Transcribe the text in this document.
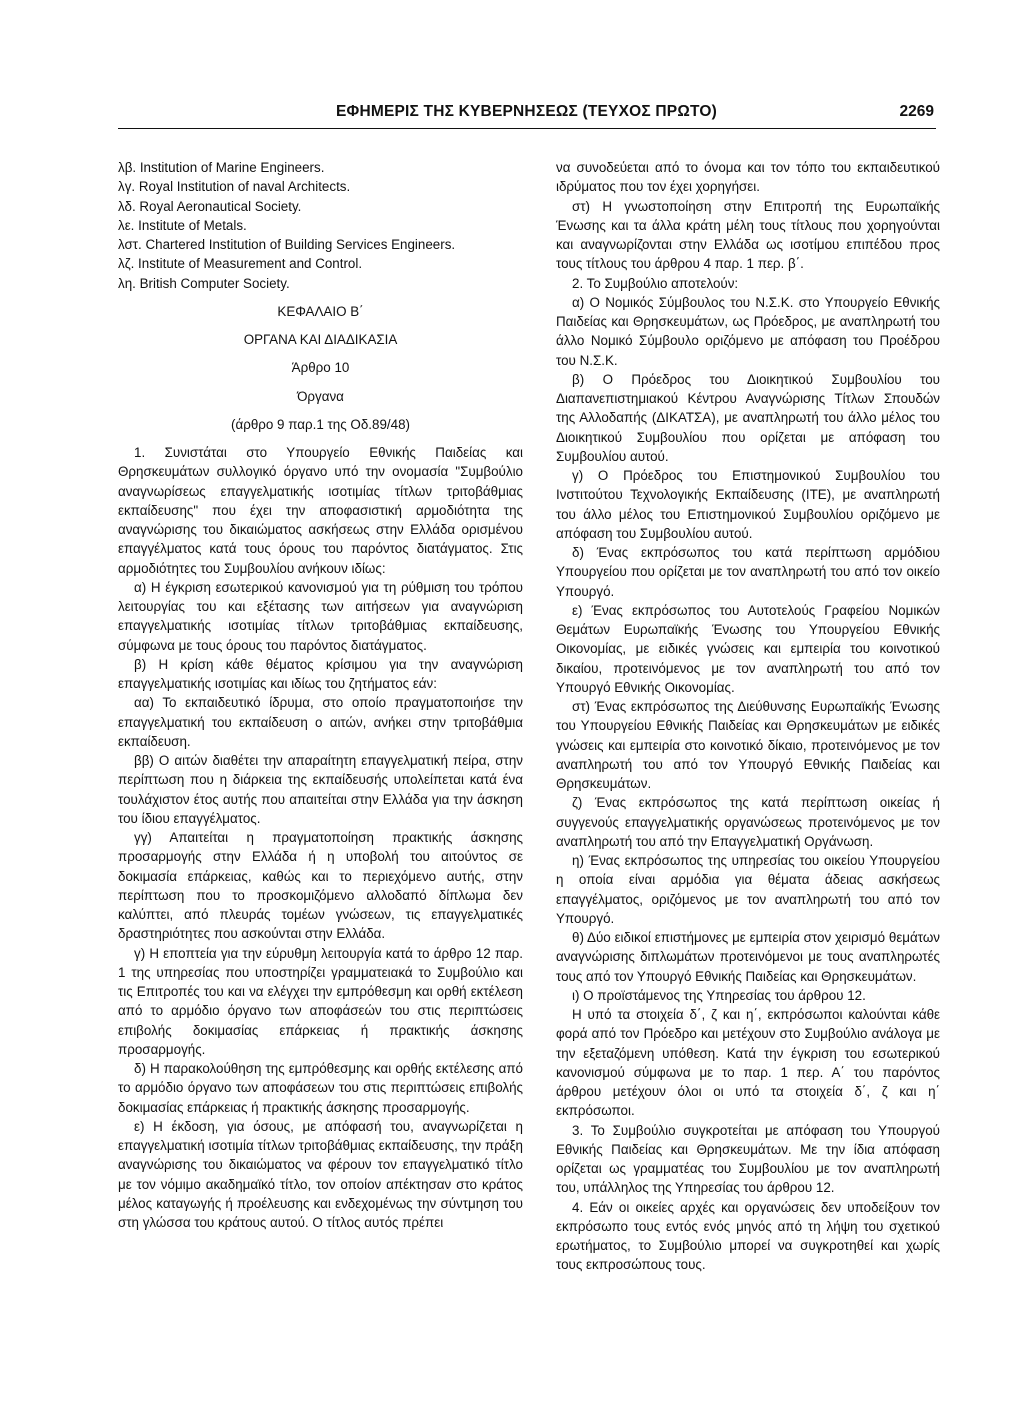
ΕΦΗΜΕΡΙΣ ΤΗΣ ΚΥΒΕΡΝΗΣΕΩΣ (ΤΕΥΧΟΣ ΠΡΩΤΟ)	2269

λβ. Institution of Marine Engineers.

λγ. Royal Institution of naval Architects.

λδ. Royal Aeronautical Society.

λε. Institute of Metals.

λστ. Chartered Institution of Building Services Engineers.

λζ. Institute of Measurement and Control.

λη. British Computer Society.

ΚΕΦΑΛΑΙΟ Β΄

ΟΡΓΑΝΑ ΚΑΙ ΔΙΑΔΙΚΑΣΙΑ

Άρθρο 10

Όργανα

(άρθρο 9 παρ.1 της Οδ.89/48)

1. Συνιστάται στο Υπουργείο Εθνικής Παιδείας και Θρησκευμάτων συλλογικό όργανο υπό την ονομασία "Συμβούλιο αναγνωρίσεως επαγγελματικής ισοτιμίας τίτλων τριτοβάθμιας εκπαίδευσης" που έχει την αποφασιστική αρμοδιότητα της αναγνώρισης του δικαιώματος ασκήσεως στην Ελλάδα ορισμένου επαγγέλματος κατά τους όρους του παρόντος διατάγματος. Στις αρμοδιότητες του Συμβουλίου ανήκουν ιδίως:

α) Η έγκριση εσωτερικού κανονισμού για τη ρύθμιση του τρόπου λειτουργίας του και εξέτασης των αιτήσεων για αναγνώριση επαγγελματικής ισοτιμίας τίτλων τριτοβάθμιας εκπαίδευσης, σύμφωνα με τους όρους του παρόντος διατάγματος.

β) Η κρίση κάθε θέματος κρίσιμου για την αναγνώριση επαγγελματικής ισοτιμίας και ιδίως του ζητήματος εάν:

αα) Το εκπαιδευτικό ίδρυμα, στο οποίο πραγματοποιήσε την επαγγελματική του εκπαίδευση ο αιτών, ανήκει στην τριτοβάθμια εκπαίδευση.

ββ) Ο αιτών διαθέτει την απαραίτητη επαγγελματική πείρα, στην περίπτωση που η διάρκεια της εκπαίδευσής υπολείπεται κατά ένα τουλάχιστον έτος αυτής που απαιτείται στην Ελλάδα για την άσκηση του ίδιου επαγγέλματος.

γγ) Απαιτείται η πραγματοποίηση πρακτικής άσκησης προσαρμογής στην Ελλάδα ή η υποβολή του αιτούντος σε δοκιμασία επάρκειας, καθώς και το περιεχόμενο αυτής, στην περίπτωση που το προσκομιζόμενο αλλοδαπό δίπλωμα δεν καλύπτει, από πλευράς τομέων γνώσεων, τις επαγγελματικές δραστηριότητες που ασκούνται στην Ελλάδα.

γ) Η εποπτεία για την εύρυθμη λειτουργία κατά το άρθρο 12 παρ. 1 της υπηρεσίας που υποστηρίζει γραμματειακά το Συμβούλιο και τις Επιτροπές του και να ελέγχει την εμπρόθεσμη και ορθή εκτέλεση από το αρμόδιο όργανο των αποφάσεών του στις περιπτώσεις επιβολής δοκιμασίας επάρκειας ή πρακτικής άσκησης προσαρμογής.

δ) Η παρακολούθηση της εμπρόθεσμης και ορθής εκτέλεσης από το αρμόδιο όργανο των αποφάσεων του στις περιπτώσεις επιβολής δοκιμασίας επάρκειας ή πρακτικής άσκησης προσαρμογής.

ε) Η έκδοση, για όσους, με απόφασή του, αναγνωρίζεται η επαγγελματική ισοτιμία τίτλων τριτοβάθμιας εκπαίδευσης, την πράξη αναγνώρισης του δικαιώματος να φέρουν τον επαγγελματικό τίτλο με τον νόμιμο ακαδημαϊκό τίτλο, τον οποίον απέκτησαν στο κράτος μέλος καταγωγής ή προέλευσης και ενδεχομένως την σύντμηση του στη γλώσσα του κράτους αυτού. Ο τίτλος αυτός πρέπει

να συνοδεύεται από το όνομα και τον τόπο του εκπαιδευτικού ιδρύματος που τον έχει χορηγήσει.

στ) Η γνωστοποίηση στην Επιτροπή της Ευρωπαϊκής Ένωσης και τα άλλα κράτη μέλη τους τίτλους που χορηγούνται και αναγνωρίζονται στην Ελλάδα ως ισοτίμου επιπέδου προς τους τίτλους του άρθρου 4 παρ. 1 περ. β΄.

2. Το Συμβούλιο αποτελούν:

α) Ο Νομικός Σύμβουλος του Ν.Σ.Κ. στο Υπουργείο Εθνικής Παιδείας και Θρησκευμάτων, ως Πρόεδρος, με αναπληρωτή του άλλο Νομικό Σύμβουλο οριζόμενο με απόφαση του Προέδρου του Ν.Σ.Κ.

β) Ο Πρόεδρος του Διοικητικού Συμβουλίου του Διαπανεπιστημιακού Κέντρου Αναγνώρισης Τίτλων Σπουδών της Αλλοδαπής (ΔΙΚΑΤΣΑ), με αναπληρωτή του άλλο μέλος του Διοικητικού Συμβουλίου που ορίζεται με απόφαση του Συμβουλίου αυτού.

γ) Ο Πρόεδρος του Επιστημονικού Συμβουλίου του Ινστιτούτου Τεχνολογικής Εκπαίδευσης (ΙΤΕ), με αναπληρωτή του άλλο μέλος του Επιστημονικού Συμβουλίου οριζόμενο με απόφαση του Συμβουλίου αυτού.

δ) Ένας εκπρόσωπος του κατά περίπτωση αρμόδιου Υπουργείου που ορίζεται με τον αναπληρωτή του από τον οικείο Υπουργό.

ε) Ένας εκπρόσωπος του Αυτοτελούς Γραφείου Νομικών Θεμάτων Ευρωπαϊκής Ένωσης του Υπουργείου Εθνικής Οικονομίας, με ειδικές γνώσεις και εμπειρία του κοινοτικού δικαίου, προτεινόμενος με τον αναπληρωτή του από τον Υπουργό Εθνικής Οικονομίας.

στ) Ένας εκπρόσωπος της Διεύθυνσης Ευρωπαϊκής Ένωσης του Υπουργείου Εθνικής Παιδείας και Θρησκευμάτων με ειδικές γνώσεις και εμπειρία στο κοινοτικό δίκαιο, προτεινόμενος με τον αναπληρωτή του από τον Υπουργό Εθνικής Παιδείας και Θρησκευμάτων.

ζ) Ένας εκπρόσωπος της κατά περίπτωση οικείας ή συγγενούς επαγγελματικής οργανώσεως προτεινόμενος με τον αναπληρωτή του από την Επαγγελματική Οργάνωση.

η) Ένας εκπρόσωπος της υπηρεσίας του οικείου Υπουργείου η οποία είναι αρμόδια για θέματα άδειας ασκήσεως επαγγέλματος, οριζόμενος με τον αναπληρωτή του από τον Υπουργό.

θ) Δύο ειδικοί επιστήμονες με εμπειρία στον χειρισμό θεμάτων αναγνώρισης διπλωμάτων προτεινόμενοι με τους αναπληρωτές τους από τον Υπουργό Εθνικής Παιδείας και Θρησκευμάτων.

ι) Ο προϊστάμενος της Υπηρεσίας του άρθρου 12.

Η υπό τα στοιχεία δ΄, ζ και η΄, εκπρόσωποι καλούνται κάθε φορά από τον Πρόεδρο και μετέχουν στο Συμβούλιο ανάλογα με την εξεταζόμενη υπόθεση. Κατά την έγκριση του εσωτερικού κανονισμού σύμφωνα με το παρ. 1 περ. Α΄ του παρόντος άρθρου μετέχουν όλοι οι υπό τα στοιχεία δ΄, ζ και η΄ εκπρόσωποι.

3. Το Συμβούλιο συγκροτείται με απόφαση του Υπουργού Εθνικής Παιδείας και Θρησκευμάτων. Με την ίδια απόφαση ορίζεται ως γραμματέας του Συμβουλίου με τον αναπληρωτή του, υπάλληλος της Υπηρεσίας του άρθρου 12.

4. Εάν οι οικείες αρχές και οργανώσεις δεν υποδείξουν τον εκπρόσωπο τους εντός ενός μηνός από τη λήψη του σχετικού ερωτήματος, το Συμβούλιο μπορεί να συγκροτηθεί και χωρίς τους εκπροσώπους τους.
